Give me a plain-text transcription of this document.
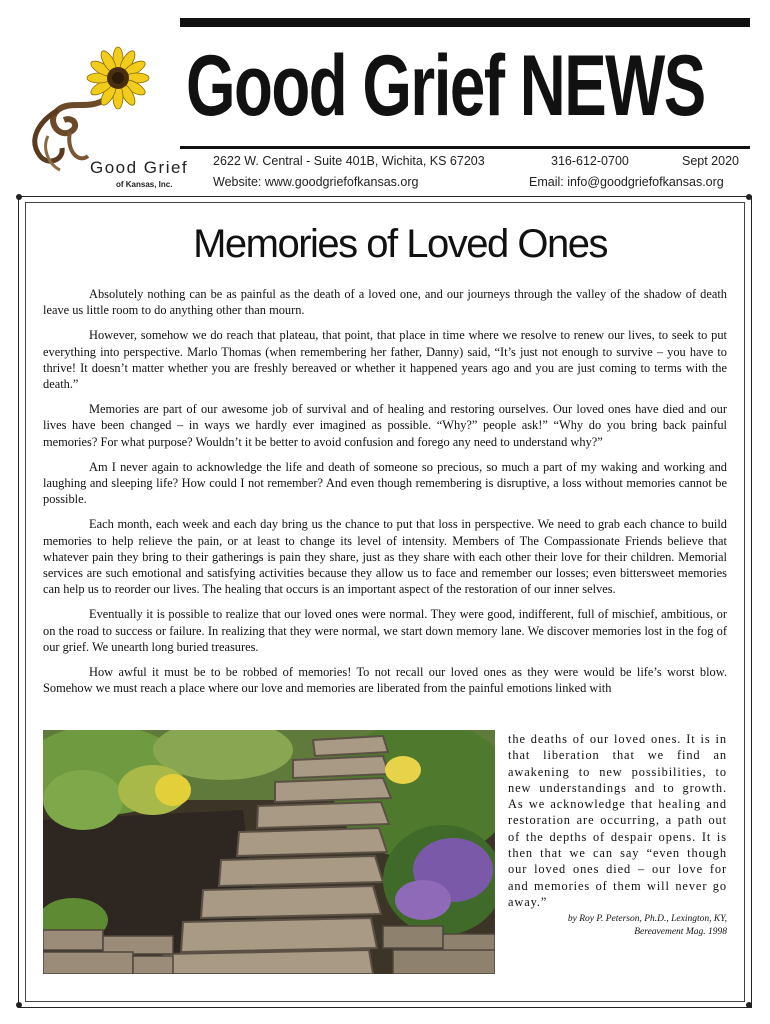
Good Grief
of Kansas, Inc.
Good Grief NEWS
2622 W. Central - Suite 401B, Wichita, KS 67203	316-612-0700	Sept 2020
Website: www.goodgriefofkansas.org	Email: info@goodgriefofkansas.org
Memories of Loved Ones

Absolutely nothing can be as painful as the death of a loved one, and our journeys through the valley of the shadow of death leave us little room to do anything other than mourn.

However, somehow we do reach that plateau, that point, that place in time where we resolve to renew our lives, to seek to put everything into perspective. Marlo Thomas (when remembering her father, Danny) said, “It’s just not enough to survive – you have to thrive! It doesn’t matter whether you are freshly bereaved or whether it happened years ago and you are just coming to terms with the death.”

Memories are part of our awesome job of survival and of healing and restoring ourselves. Our loved ones have died and our lives have been changed – in ways we hardly ever imagined as possible. “Why?” people ask!” “Why do you bring back painful memories? For what purpose? Wouldn’t it be better to avoid confusion and forego any need to understand why?”

Am I never again to acknowledge the life and death of someone so precious, so much a part of my waking and working and laughing and sleeping life? How could I not remember? And even though remembering is disruptive, a loss without memories cannot be possible.

Each month, each week and each day bring us the chance to put that loss in perspective. We need to grab each chance to build memories to help relieve the pain, or at least to change its level of intensity. Members of The Compassionate Friends believe that whatever pain they bring to their gatherings is pain they share, just as they share with each other their love for their children. Memorial services are such emotional and satisfying activities because they allow us to face and remember our losses; even bittersweet memories can help us to reorder our lives. The healing that occurs is an important aspect of the restoration of our inner selves.

Eventually it is possible to realize that our loved ones were normal. They were good, indifferent, full of mischief, ambitious, or on the road to success or failure. In realizing that they were normal, we start down memory lane. We discover memories lost in the fog of our grief. We unearth long buried treasures.

How awful it must be to be robbed of memories! To not recall our loved ones as they were would be life’s worst blow. Somehow we must reach a place where our love and memories are liberated from the painful emotions linked with

the deaths of our loved ones. It is in that liberation that we find an awakening to new possibilities, to new understandings and to growth. As we acknowledge that healing and restoration are occurring, a path out of the depths of despair opens. It is then that we can say “even though our loved ones died – our love for and memories of them will never go away.”
by Roy P. Peterson, Ph.D., Lexington, KY,
Bereavement Mag. 1998
